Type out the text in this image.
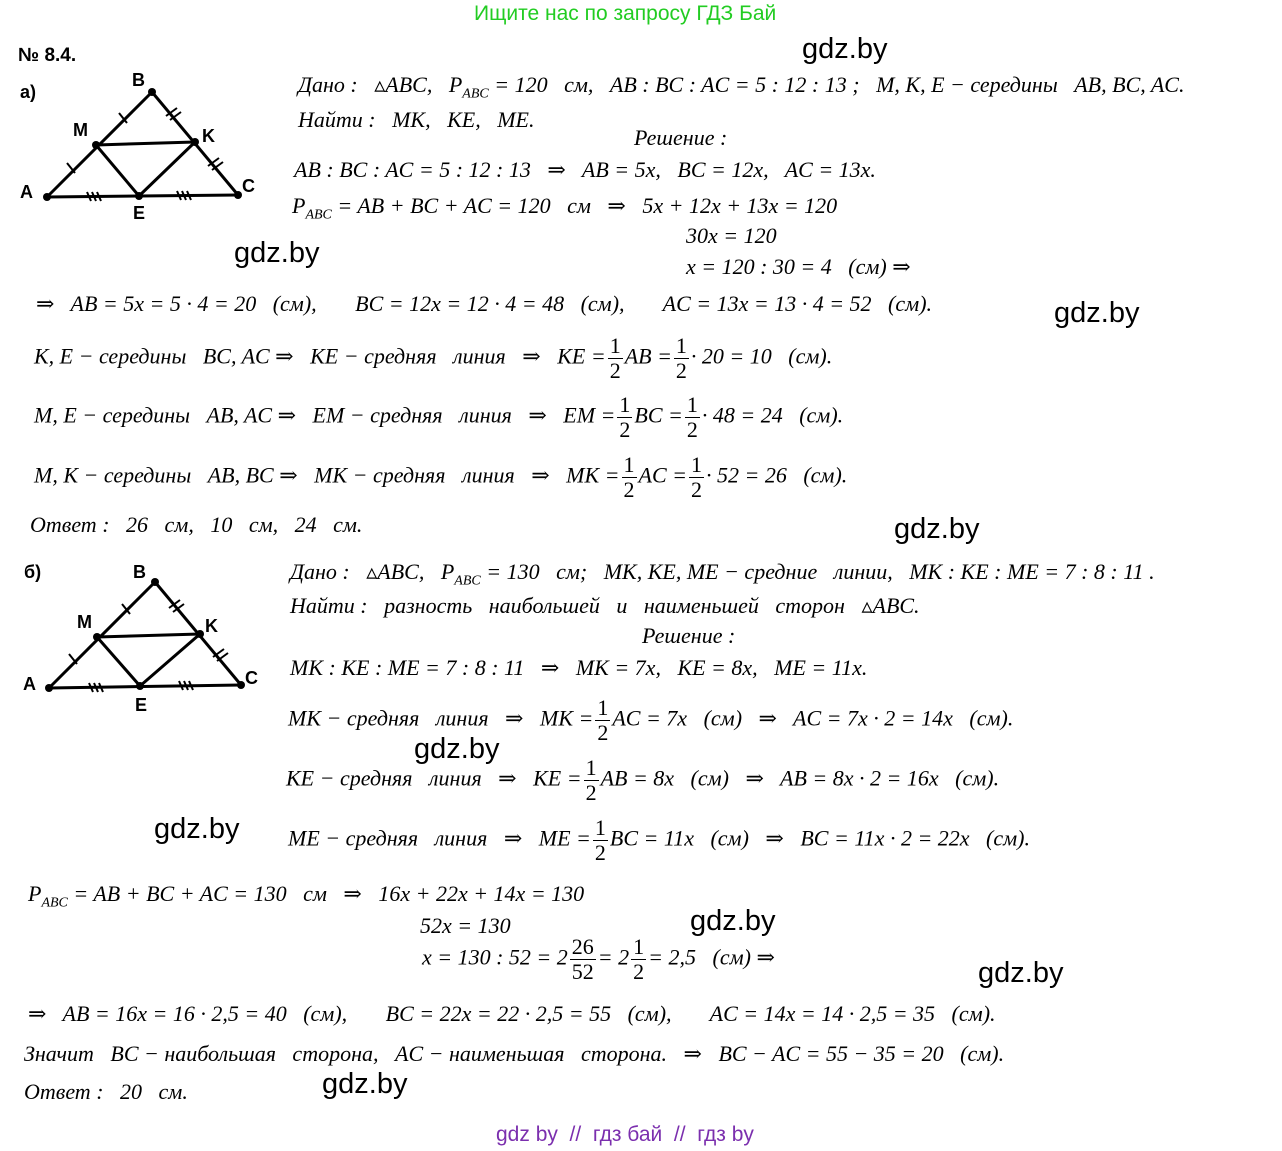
Ищите нас по запросу ГДЗ Бай
№ 8.4.	gdz.by
gdz.by
gdz.by
gdz.by
gdz.by
gdz.by
gdz.by
gdz.by
gdz.by
а)
A
B
C
M	K
E
Дано :   ▵ABC,   $P_{ABC} = 120$   см,   AB : BC : AC = 5 : 12 : 13 ;   M, K, E − середины   AB, BC, AC.
Найти :   MK,   KE,   ME.
Решение :
AB : BC : AC = 5 : 12 : 13   ⇒   AB = 5x,   BC = 12x,   AC = 13x.
$P_{ABC}$ = AB + BC + AC = 120   см   ⇒   5x + 12x + 13x = 120
30x = 120
x = 120 : 30 = 4   (см) ⇒
⇒   AB = 5x = 5 · 4 = 20   (см),       BC = 12x = 12 · 4 = 48   (см),       AC = 13x = 13 · 4 = 52   (см).
K, E − середины   BC, AC ⇒   KE − средняя   линия   ⇒   KE = $\frac{1}{2}$ AB = $\frac{1}{2} \cdot 20 = 10$   (см).
M, E − середины   AB, AC ⇒   EM − средняя   линия   ⇒   EM = $\frac{1}{2}$ BC = $\frac{1}{2} \cdot 48 = 24$   (см).
M, K − середины   AB, BC ⇒   MK − средняя   линия   ⇒   MK = $\frac{1}{2}$ AC = $\frac{1}{2} \cdot 52 = 26$   (см).
Ответ :   26   см,   10   см,   24   см.
б)
A
B
C
M	K
E
Дано :   ▵ABC,   $P_{ABC} = 130$   см;   MK, KE, ME − средние   линии,   MK : KE : ME = 7 : 8 : 11 .
Найти :   разность   наибольшей   и   наименьшей   сторон   ▵ABC.
Решение :
MK : KE : ME = 7 : 8 : 11   ⇒   MK = 7x,   KE = 8x,   ME = 11x.
MK − средняя   линия   ⇒   MK = $\frac{1}{2}$ AC = 7x   (см)   ⇒   AC = 7x · 2 = 14x   (см).
KE − средняя   линия   ⇒   KE = $\frac{1}{2}$ AB = 8x   (см)   ⇒   AB = 8x · 2 = 16x   (см).
ME − средняя   линия   ⇒   ME = $\frac{1}{2}$ BC = 11x   (см)   ⇒   BC = 11x · 2 = 22x   (см).
$P_{ABC}$ = AB + BC + AC = 130   см   ⇒   16x + 22x + 14x = 130
52x = 130
x = 130 : $52 = 2 \frac{26}{52} = 2 \frac{1}{2} = 2,5$   (см) ⇒
⇒   AB = 16x = 16 · 2,5 = 40   (см),       BC = 22x = 22 · 2,5 = 55   (см),       AC = 14x = 14 · 2,5 = 35   (см).
Значит   BC − наибольшая   сторона,   AC − наименьшая   сторона.   ⇒   BC − AC = 55 − 35 = 20   (см).
Ответ :   20   см.
gdz by  //  гдз бай  //  гдз by
